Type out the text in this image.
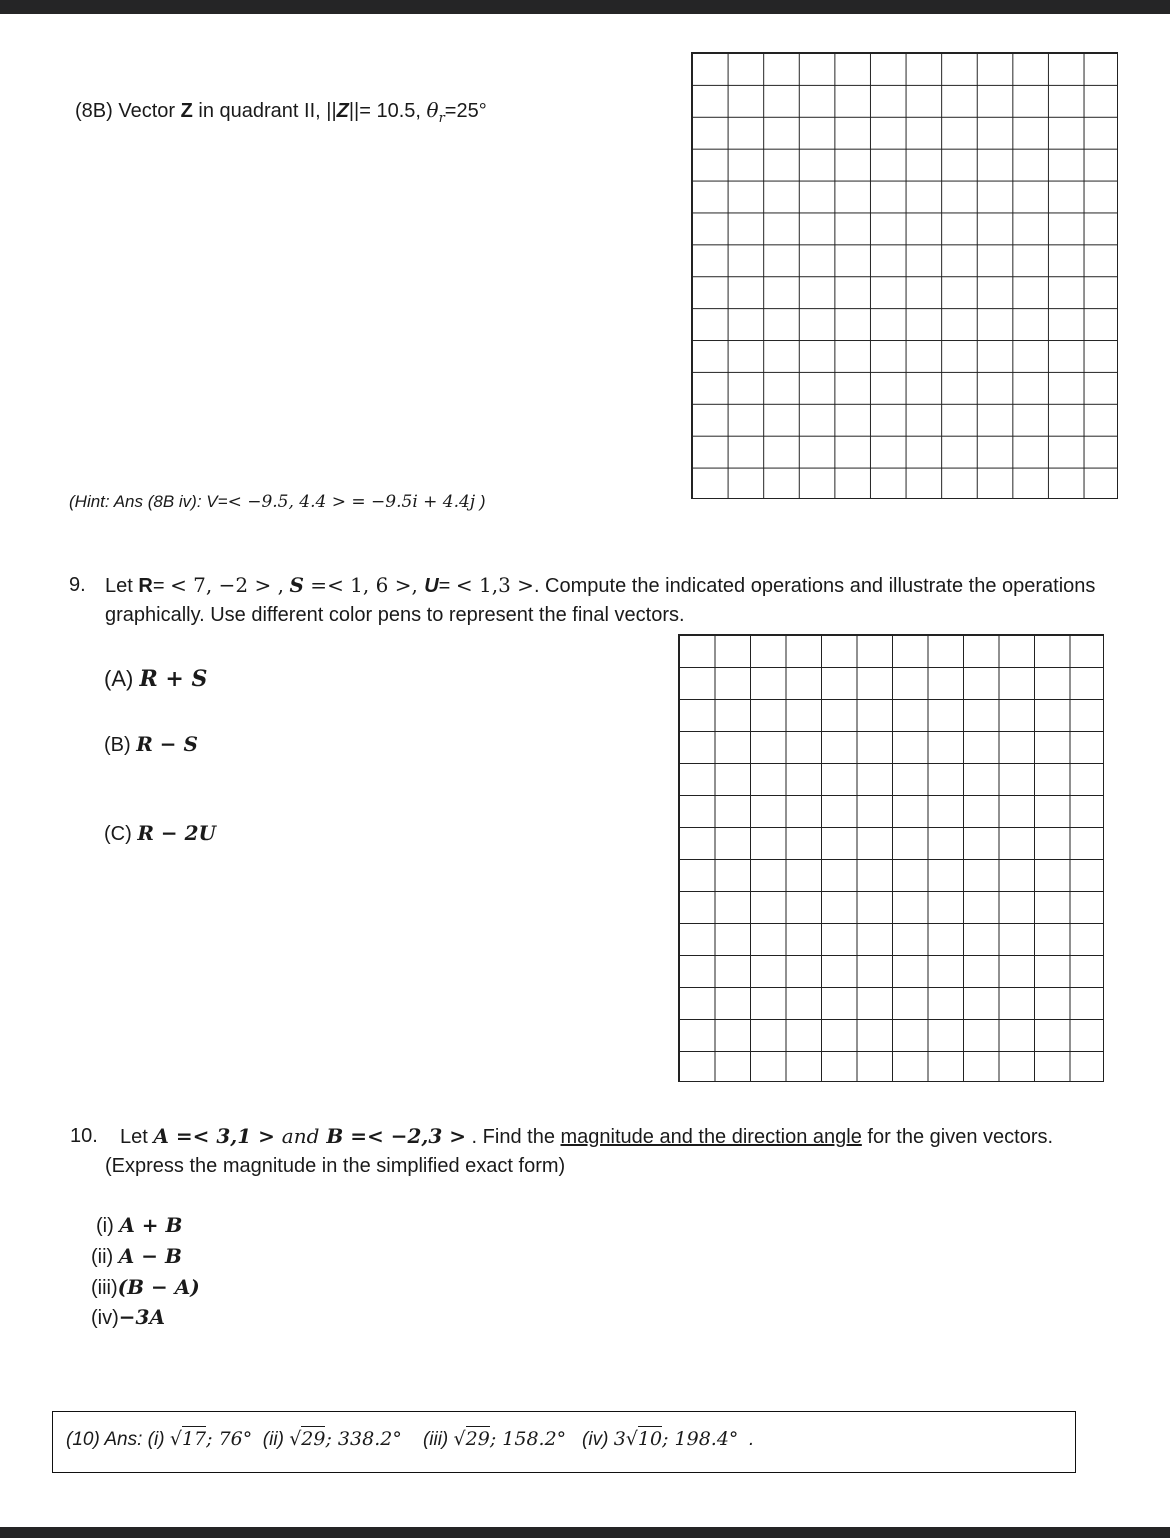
(8B) Vector Z in quadrant II, ||Z||= 10.5, $\theta_r=25^\circ$
(Hint: Ans (8B iv): V=< −9.5, 4.4 > = −9.5i + 4.4j )
9. Let R= < 7, −2 > , S =< 1, 6 >, U= < 1,3 >. Compute the indicated operations and illustrate the operations
graphically. Use different color pens to represent the final vectors.
(A) R + S
(B) R − S
(C) R − 2U
10. Let A =< 3,1 > and B =< −2,3 > . Find the magnitude and the direction angle for the given vectors.
(Express the magnitude in the simplified exact form)
(i) A + B
(ii) A − B
(iii)(B − A)
(iv)−3A
(10) Ans: (i) √17; 76°  (ii) √29; 338.2°    (iii) √29; 158.2°   (iv) 3√10; 198.4°  .
